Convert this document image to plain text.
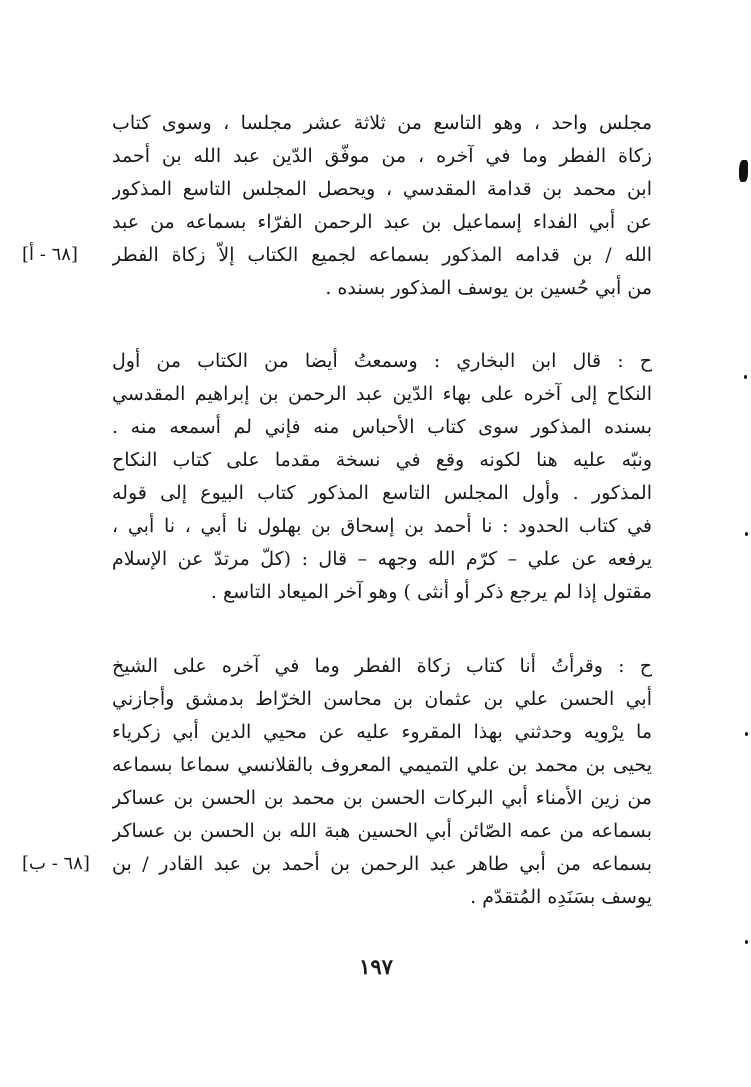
مجلس واحد ، وهو التاسع من ثلاثة عشر مجلسا ، وسوى كتاب
زكاة الفطر وما في آخره ، من موفّق الدّين عبد الله بن أحمد
ابن محمد بن قدامة المقدسي ، ويحصل المجلس التاسع المذكور
عن أبي الفداء إسماعيل بن عبد الرحمن الفرّاء بسماعه من عبد
الله / بن قدامه المذكور بسماعه لجميع الكتاب إلاّ زكاة الفطر
من أبي حُسين بن يوسف المذكور بسنده .
[٦٨ - أ]
ح : قال ابن البخاري : وسمعتُ أيضا من الكتاب من أول
النكاح إلى آخره على بهاء الدّين عبد الرحمن بن إبراهيم المقدسي
بسنده المذكور سوى كتاب الأحباس منه فإني لم أسمعه منه .
ونبّه عليه هنا لكونه وقع في نسخة مقدما على كتاب النكاح
المذكور . وأول المجلس التاسع المذكور كتاب البيوع إلى قوله
في كتاب الحدود : نا أحمد بن إسحاق بن بهلول نا أبي ، نا أبي ،
يرفعه عن علي – كرّم الله وجهه – قال : (كلّ مرتدّ عن الإسلام
مقتول إذا لم يرجع ذكر أو أنثى ) وهو آخر الميعاد التاسع .
ح : وقرأتُ أنا كتاب زكاة الفطر وما في آخره على الشيخ
أبي الحسن علي بن عثمان بن محاسن الخرّاط بدمشق وأجازني
ما يرْويه وحدثني بهذا المقروء عليه عن محيي الدين أبي زكرياء
يحيى بن محمد بن علي التميمي المعروف بالقلانسي سماعا بسماعه
من زين الأمناء أبي البركات الحسن بن محمد بن الحسن بن عساكر
بسماعه من عمه الصّائن أبي الحسين هبة الله بن الحسن بن عساكر
بسماعه من أبي طاهر عبد الرحمن بن أحمد بن عبد القادر / بن
يوسف بسَنَدِه المُتقدّم .
[٦٨ - ب]
١٩٧
